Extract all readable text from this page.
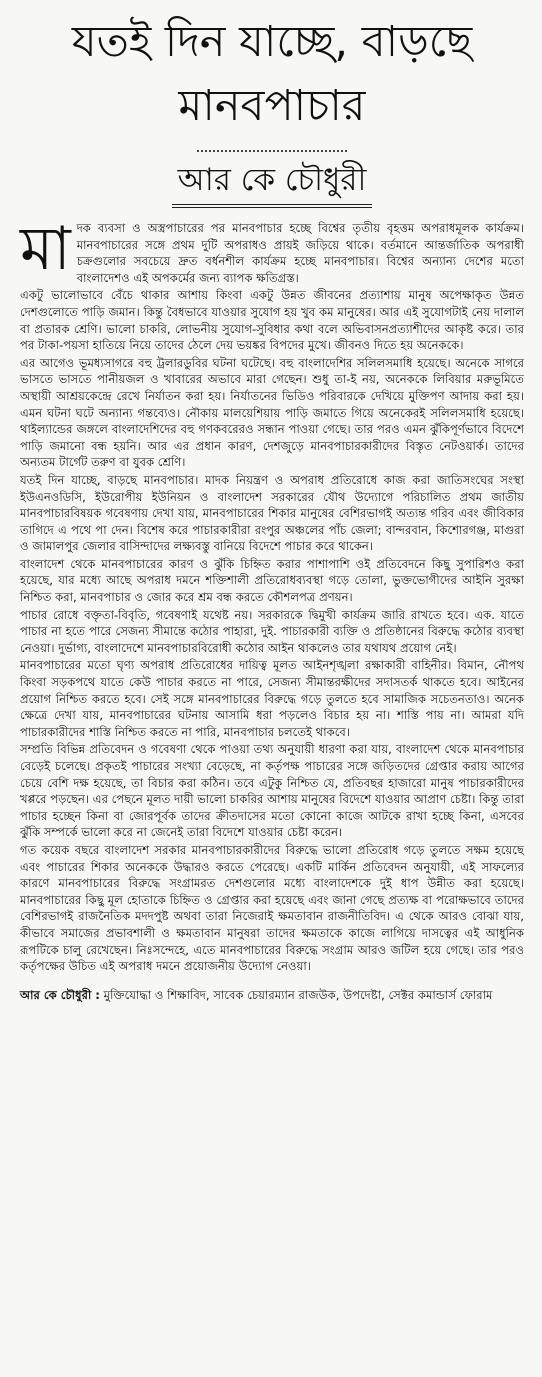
যতই দিন যাচ্ছে, বাড়ছে
মানবপাচার
আর কে চৌধুরী

মাদক ব্যবসা ও অস্ত্রপাচারের পর মানবপাচার হচ্ছে বিশ্বের তৃতীয় বৃহত্তম অপরাধমূলক কার্যক্রম। মানবপাচারের সঙ্গে প্রথম দুটি অপরাধও প্রায়ই জড়িয়ে থাকে। বর্তমানে আন্তর্জাতিক অপরাধী চক্রগুলোর সবচেয়ে দ্রুত বর্ধনশীল কার্যক্রম হচ্ছে মানবপাচার। বিশ্বের অন্যান্য দেশের মতো বাংলাদেশও এই অপকর্মের জন্য ব্যাপক ক্ষতিগ্রস্ত।

একটু ভালোভাবে বেঁচে থাকার আশায় কিংবা একটু উন্নত জীবনের প্রত্যাশায় মানুষ অপেক্ষাকৃত উন্নত দেশগুলোতে পাড়ি জমান। কিন্তু বৈধভাবে যাওয়ার সুযোগ হয় খুব কম মানুষের। আর এই সুযোগটাই নেয় দালাল বা প্রতারক শ্রেণি। ভালো চাকরি, লোভনীয় সুযোগ-সুবিধার কথা বলে অভিবাসনপ্রত্যাশীদের আকৃষ্ট করে। তার পর টাকা-পয়সা হাতিয়ে নিয়ে তাদের ঠেলে দেয় ভয়ঙ্কর বিপদের মুখে। জীবনও দিতে হয় অনেককে।

এর আগেও ভূমধ্যসাগরে বহু ট্রলারডুবির ঘটনা ঘটেছে। বহু বাংলাদেশির সলিলসমাধি হয়েছে। অনেকে সাগরে ভাসতে ভাসতে পানীয়জল ও খাবারের অভাবে মারা গেছেন। শুধু তা-ই নয়, অনেককে লিবিয়ার মরুভূমিতে অস্থায়ী আশ্রয়কেন্দ্রে রেখে নির্যাতন করা হয়। নির্যাতনের ভিডিও পরিবারকে দেখিয়ে মুক্তিপণ আদায় করা হয়। এমন ঘটনা ঘটে অন্যান্য গন্তব্যেও। নৌকায় মালয়েশিয়ায় পাড়ি জমাতে গিয়ে অনেকেরই সলিলসমাধি হয়েছে। থাইল্যান্ডের জঙ্গলে বাংলাদেশিদের বহু গণকবরেরও সন্ধান পাওয়া গেছে। তার পরও এমন ঝুঁকিপূর্ণভাবে বিদেশে পাড়ি জমানো বন্ধ হয়নি। আর এর প্রধান কারণ, দেশজুড়ে মানবপাচারকারীদের বিস্তৃত নেটওয়ার্ক। তাদের অন্যতম টার্গেট তরুণ বা যুবক শ্রেণি।

যতই দিন যাচ্ছে, বাড়ছে মানবপাচার। মাদক নিয়ন্ত্রণ ও অপরাধ প্রতিরোধে কাজ করা জাতিসংঘের সংস্থা ইউএনওডিসি, ইউরোপীয় ইউনিয়ন ও বাংলাদেশ সরকারের যৌথ উদ্যোগে পরিচালিত প্রথম জাতীয় মানবপাচারবিষয়ক গবেষণায় দেখা যায়, মানবপাচারের শিকার মানুষের বেশিরভাগই অত্যন্ত গরিব এবং জীবিকার তাগিদে এ পথে পা দেন। বিশেষ করে পাচারকারীরা রংপুর অঞ্চলের পাঁচ জেলা; বান্দরবান, কিশোরগঞ্জ, মাগুরা ও জামালপুর জেলার বাসিন্দাদের লক্ষ্যবস্তু বানিয়ে বিদেশে পাচার করে থাকেন।

বাংলাদেশ থেকে মানবপাচারের কারণ ও ঝুঁকি চিহ্নিত করার পাশাপাশি ওই প্রতিবেদনে কিছু সুপারিশও করা হয়েছে, যার মধ্যে আছে অপরাধ দমনে শক্তিশালী প্রতিরোধব্যবস্থা গড়ে তোলা, ভুক্তভোগীদের আইনি সুরক্ষা নিশ্চিত করা, মানবপাচার ও জোর করে শ্রম বন্ধ করতে কৌশলপত্র প্রণয়ন।

পাচার রোধে বক্তৃতা-বিবৃতি, গবেষণাই যথেষ্ট নয়। সরকারকে দ্বিমুখী কার্যক্রম জারি রাখতে হবে। এক. যাতে পাচার না হতে পারে সেজন্য সীমান্তে কঠোর পাহারা, দুই. পাচারকারী ব্যক্তি ও প্রতিষ্ঠানের বিরুদ্ধে কঠোর ব্যবস্থা নেওয়া। দুর্ভাগ্য, বাংলাদেশে মানবপাচারবিরোধী কঠোর আইন থাকলেও তার যথাযথ প্রয়োগ নেই।

মানবপাচারের মতো ঘৃণ্য অপরাধ প্রতিরোধের দায়িত্ব মূলত আইনশৃঙ্খলা রক্ষাকারী বাহিনীর। বিমান, নৌপথ কিংবা সড়কপথে যাতে কেউ পাচার করতে না পারে, সেজন্য সীমান্তরক্ষীদের সদাসতর্ক থাকতে হবে। আইনের প্রয়োগ নিশ্চিত করতে হবে। সেই সঙ্গে মানবপাচারের বিরুদ্ধে গড়ে তুলতে হবে সামাজিক সচেতনতাও। অনেক ক্ষেত্রে দেখা যায়, মানবপাচারের ঘটনায় আসামি ধরা পড়লেও বিচার হয় না। শাস্তি পায় না। আমরা যদি পাচারকারীদের শাস্তি নিশ্চিত করতে না পারি, মানবপাচার চলতেই থাকবে।

সম্প্রতি বিভিন্ন প্রতিবেদন ও গবেষণা থেকে পাওয়া তথ্য অনুযায়ী ধারণা করা যায়, বাংলাদেশ থেকে মানবপাচার বেড়েই চলেছে। প্রকৃতই পাচারের সংখ্যা বেড়েছে, না কর্তৃপক্ষ পাচারের সঙ্গে জড়িতদের গ্রেপ্তার করায় আগের চেয়ে বেশি দক্ষ হয়েছে, তা বিচার করা কঠিন। তবে এটুকু নিশ্চিত যে, প্রতিবছর হাজারো মানুষ পাচারকারীদের খপ্পরে পড়ছেন। এর পেছনে মূলত দায়ী ভালো চাকরির আশায় মানুষের বিদেশে যাওয়ার আপ্রাণ চেষ্টা। কিন্তু তারা পাচার হচ্ছেন কিনা বা জোরপূর্বক তাদের ক্রীতদাসের মতো কোনো কাজে আটকে রাখা হচ্ছে কিনা, এসবের ঝুঁকি সম্পর্কে ভালো করে না জেনেই তারা বিদেশে যাওয়ার চেষ্টা করেন।

গত কয়েক বছরে বাংলাদেশ সরকার মানবপাচারকারীদের বিরুদ্ধে ভালো প্রতিরোধ গড়ে তুলতে সক্ষম হয়েছে এবং পাচারের শিকার অনেককে উদ্ধারও করতে পেরেছে। একটি মার্কিন প্রতিবেদন অনুযায়ী, এই সাফল্যের কারণে মানবপাচারের বিরুদ্ধে সংগ্রামরত দেশগুলোর মধ্যে বাংলাদেশকে দুই ধাপ উন্নীত করা হয়েছে। মানবপাচারের কিছু মূল হোতাকে চিহ্নিত ও গ্রেপ্তার করা হয়েছে এবং জানা গেছে প্রত্যক্ষ বা পরোক্ষভাবে তাদের বেশিরভাগই রাজনৈতিক মদদপুষ্ট অথবা তারা নিজেরাই ক্ষমতাবান রাজনীতিবিদ। এ থেকে আরও বোঝা যায়, কীভাবে সমাজের প্রভাবশালী ও ক্ষমতাবান মানুষরা তাদের ক্ষমতাকে কাজে লাগিয়ে দাসত্বের এই আধুনিক রূপটিকে চালু রেখেছেন। নিঃসন্দেহে, এতে মানবপাচারের বিরুদ্ধে সংগ্রাম আরও জটিল হয়ে গেছে। তার পরও কর্তৃপক্ষের উচিত এই অপরাধ দমনে প্রয়োজনীয় উদ্যোগ নেওয়া।

আর কে চৌধুরী : মুক্তিযোদ্ধা ও শিক্ষাবিদ, সাবেক চেয়ারম্যান রাজউক, উপদেষ্টা, সেক্টর কমান্ডার্স ফোরাম
